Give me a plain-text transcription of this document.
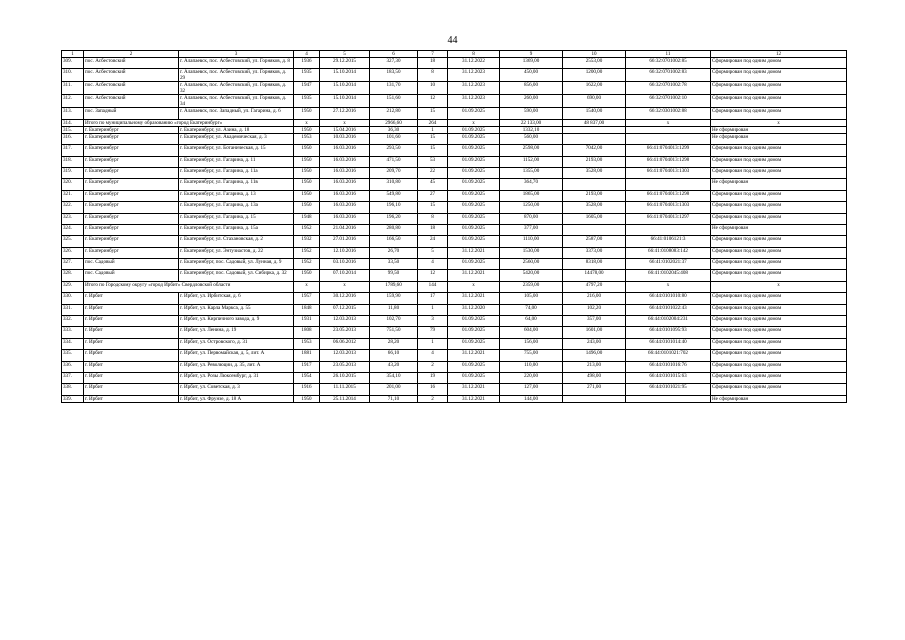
44
1	2	3	4	5	6	7	8	9	10	11	12
309.	пос. Асбестовский	г. Алапаевск, пос. Асбестовский, ул. Горняков, д. 8	1936	29.12.2015	327,30	18	31.12.2022	1369,00	2553,00	66:32:0701002:85	Сформирован под одним домом
310.	пос. Асбестовский	г. Алапаевск, пос. Асбестовский, ул. Горняков, д. 29	1935	15.10.2014	183,50	8	31.12.2023	450,00	1200,00	66:32:0701002:83	Сформирован под одним домом
311.	пос. Асбестовский	г. Алапаевск, пос. Асбестовский, ул. Горняков, д. 32	1947	15.10.2014	131,70	10	31.12.2023	856,00	1622,00	66:32:0701002:78	Сформирован под одним домом
312.	пос. Асбестовский	г. Алапаевск, пос. Асбестовский, ул. Горняков, д. 34	1935	15.10.2014	151,60	12	31.12.2023	260,00	690,00	66:32:0701002:10	Сформирован под одним домом
313.	пос. Западный	г. Алапаевск, пос. Западный, ул. Гагарина, д. 6	1950	27.12.2016	212,80	15	01.09.2025	590,00	1540,00	66:32:0301002:88	Сформирован под одним домом
314.	Итого по муниципальному образованию «город Екатеринбург»		x	x	2966,60	264	x	22 133,00	48 837,00	x	x
315.	г. Екатеринбург	г. Екатеринбург, ул. Азина, д. 18	1950	15.04.2016	36,30	1	01.09.2025	1332,10			Не сформирован
316.	г. Екатеринбург	г. Екатеринбург, ул. Академическая, д. 3	1953	10.03.2016	101,60	15	01.09.2025	560,00			Не сформирован
317.	г. Екатеринбург	г. Екатеринбург, ул. Ботаническая, д. 15	1950	16.03.2016	293,50	15	01.09.2025	2598,00	7042,00	66:41:0704013:1299	Сформирован под одним домом
318.	г. Екатеринбург	г. Екатеринбург, ул. Гагарина, д. 11	1950	16.03.2016	471,50	53	01.09.2025	1152,00	2193,00	66:41:0704013:1298	Сформирован под одним домом
319.	г. Екатеринбург	г. Екатеринбург, ул. Гагарина, д. 11а	1950	16.03.2016	209,70	22	01.09.2025	1355,00	3528,00	66:41:0704013:1303	Сформирован под одним домом
320.	г. Екатеринбург	г. Екатеринбург, ул. Гагарина, д. 11в	1950	16.03.2016	310,80	45	01.09.2025	364,70			Не сформирован
321.	г. Екатеринбург	г. Екатеринбург, ул. Гагарина, д. 13	1950	16.03.2016	549,80	27	01.09.2025	1865,00	2193,00	66:41:0704013:1298	Сформирован под одним домом
322.	г. Екатеринбург	г. Екатеринбург, ул. Гагарина, д. 13а	1950	16.03.2016	196,10	15	01.09.2025	1250,00	3528,00	66:41:0704013:1303	Сформирован под одним домом
323.	г. Екатеринбург	г. Екатеринбург, ул. Гагарина, д. 15	1948	16.03.2016	196,20	8	01.09.2025	870,00	1605,00	66:41:0704013:1297	Сформирован под одним домом
324.	г. Екатеринбург	г. Екатеринбург, ул. Гагарина, д. 15а	1952	21.04.2016	280,80	18	01.09.2025	377,00			Не сформирован
325.	г. Екатеринбург	г. Екатеринбург, ул. Стахановская, д. 2	1932	27.01.2016	166,50	24	01.09.2025	1110,00	2587,00	66:41:0106121:3	Сформирован под одним домом
326.	г. Екатеринбург	г. Екатеринбург, ул. Энтузиастов, д. 22	1952	12.10.2016	26,70	5	31.12.2021	1530,00	3373,00	66:41:0108083:142	Сформирован под одним домом
327.	пос. Садовый	г. Екатеринбург, пос. Садовый, ул. Лунная, д. 9	1952	03.10.2016	33,50	4	01.09.2025	2560,00	8318,00	66:41:0102021:37	Сформирован под одним домом
328.	пос. Садовый	г. Екатеринбург, пос. Садовый, ул. Сибирка, д. 32	1950	07.10.2014	99,50	12	31.12.2021	5420,00	14478,00	66:41:0102045:408	Сформирован под одним домом
329.	Итого по Городскому округу «город Ирбит» Свердловской области		x	x	1789,60	144	x	2359,00	4797,20	x	x
330.	г. Ирбит	г. Ирбит, ул. Ирбитская, д. 6	1957	30.12.2016	159,90	17	31.12.2021	105,00	216,00	66:44:0101010:80	Сформирован под одним домом
331.	г. Ирбит	г. Ирбит, ул. Карла Маркса, д. 55	1848	07.12.2015	11,80	1	31.12.2020	74,00	102,20	66:44:0101022:43	Сформирован под одним домом
332.	г. Ирбит	г. Ирбит, ул. Кирпичного завода, д. 9	1931	12.03.2013	102,70	3	01.09.2025	64,00	357,00	66:44:0102004:231	Сформирован под одним домом
333.	г. Ирбит	г. Ирбит, ул. Ленина, д. 19	1808	23.05.2013	751,50	79	01.09.2025	604,00	1601,00	66:44:0101095:93	Сформирован под одним домом
334.	г. Ирбит	г. Ирбит, ул. Островского, д. 31	1953	06.06.2012	28,20	1	01.09.2025	156,00	243,00	66:44:0101014:40	Сформирован под одним домом
335.	г. Ирбит	г. Ирбит, ул. Первомайская, д. 5, лит. А	1881	12.03.2013	66,10	4	31.12.2021	755,00	1496,00	66:44:0101021:702	Сформирован под одним домом
336.	г. Ирбит	г. Ирбит, ул. Революции, д. 35, лит. А	1917	23.05.2013	43,20	2	01.09.2025	110,00	213,00	66:44:0101016:76	Сформирован под одним домом
337.	г. Ирбит	г. Ирбит, ул. Розы Люксембург, д. 31	1954	26.10.2015	354,10	19	01.09.2025	220,00	498,00	66:44:0101015:63	Сформирован под одним домом
338.	г. Ирбит	г. Ирбит, ул. Советская, д. 3	1916	11.11.2015	201,00	16	31.12.2021	127,00	271,00	66:44:0101021:95	Сформирован под одним домом
339.	г. Ирбит	г. Ирбит, ул. Фрунзе, д. 18 А	1950	25.11.2014	71,10	2	31.12.2021	144,00			Не сформирован
